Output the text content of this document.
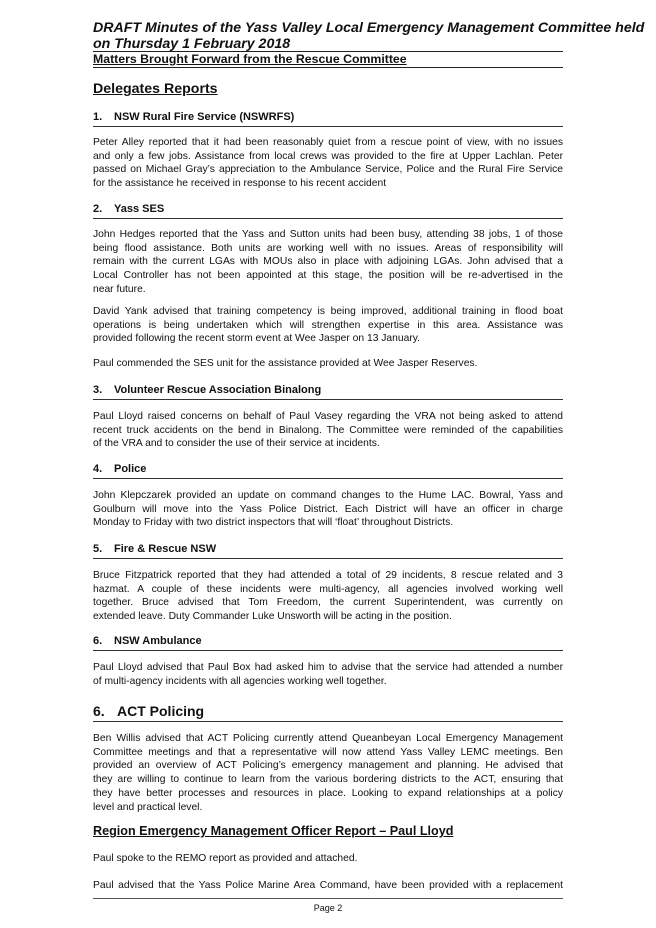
DRAFT Minutes of the Yass Valley Local Emergency Management Committee held
on Thursday 1 February 2018
Matters Brought Forward from the Rescue Committee
Delegates Reports
1. NSW Rural Fire Service (NSWRFS)
Peter Alley reported that it had been reasonably quiet from a rescue point of view, with no issues
and only a few jobs. Assistance from local crews was provided to the fire at Upper Lachlan. Peter
passed on Michael Gray’s appreciation to the Ambulance Service, Police and the Rural Fire Service
for the assistance he received in response to his recent accident
2. Yass SES
John Hedges reported that the Yass and Sutton units had been busy, attending 38 jobs, 1 of those
being flood assistance. Both units are working well with no issues. Areas of responsibility will
remain with the current LGAs with MOUs also in place with adjoining LGAs. John advised that a
Local Controller has not been appointed at this stage, the position will be re-advertised in the
near future.
David Yank advised that training competency is being improved, additional training in flood boat
operations is being undertaken which will strengthen expertise in this area. Assistance was
provided following the recent storm event at Wee Jasper on 13 January.
Paul commended the SES unit for the assistance provided at Wee Jasper Reserves.
3. Volunteer Rescue Association Binalong
Paul Lloyd raised concerns on behalf of Paul Vasey regarding the VRA not being asked to attend
recent truck accidents on the bend in Binalong. The Committee were reminded of the capabilities
of the VRA and to consider the use of their service at incidents.
4. Police
John Klepczarek provided an update on command changes to the Hume LAC. Bowral, Yass and
Goulburn will move into the Yass Police District. Each District will have an officer in charge
Monday to Friday with two district inspectors that will ‘float’ throughout Districts.
5. Fire & Rescue NSW
Bruce Fitzpatrick reported that they had attended a total of 29 incidents, 8 rescue related and 3
hazmat. A couple of these incidents were multi-agency, all agencies involved working well
together. Bruce advised that Tom Freedom, the current Superintendent, was currently on
extended leave. Duty Commander Luke Unsworth will be acting in the position.
6. NSW Ambulance
Paul Lloyd advised that Paul Box had asked him to advise that the service had attended a number
of multi-agency incidents with all agencies working well together.
6. ACT Policing
Ben Willis advised that ACT Policing currently attend Queanbeyan Local Emergency Management
Committee meetings and that a representative will now attend Yass Valley LEMC meetings. Ben
provided an overview of ACT Policing’s emergency management and planning. He advised that
they are willing to continue to learn from the various bordering districts to the ACT, ensuring that
they have better processes and resources in place. Looking to expand relationships at a policy
level and practical level.
Region Emergency Management Officer Report – Paul Lloyd
Paul spoke to the REMO report as provided and attached.
Paul advised that the Yass Police Marine Area Command, have been provided with a replacement
Page 2
